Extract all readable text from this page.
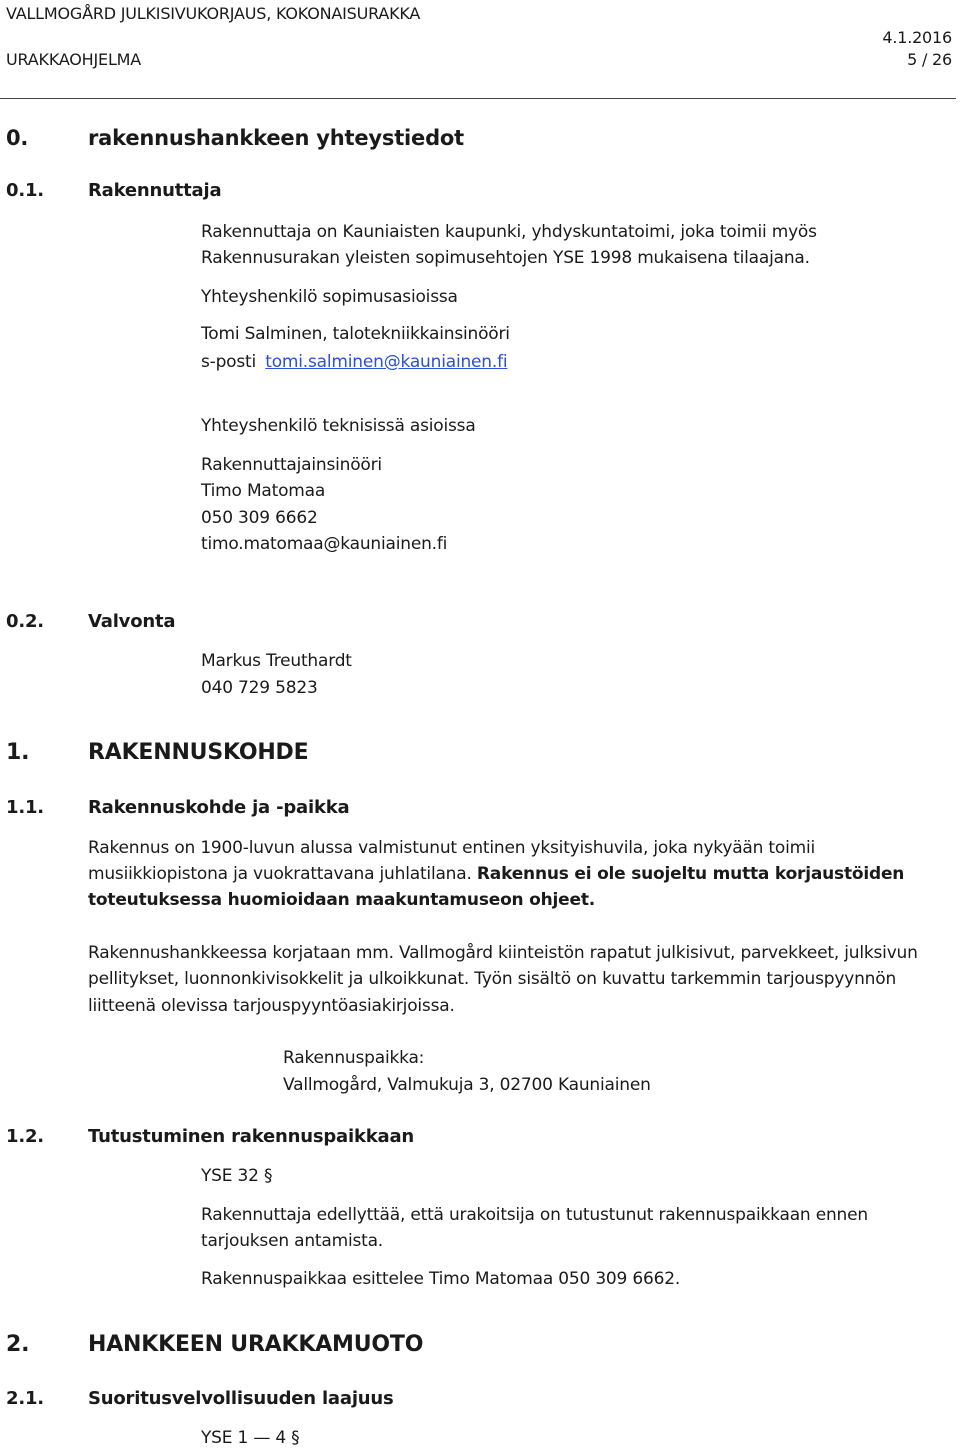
VALLMOGÅRD JULKISIVUKORJAUS, KOKONAISURAKKA
4.1.2016
URAKKAOHJELMA	5 / 26
0.	rakennushankkeen yhteystiedot
0.1. Rakennuttaja
Rakennuttaja on Kauniaisten kaupunki, yhdyskuntatoimi, joka toimii myös
Rakennusurakan yleisten sopimusehtojen YSE 1998 mukaisena tilaajana.
Yhteyshenkilö sopimusasioissa
Tomi Salminen, talotekniikkainsinööri
s-posti tomi.salminen@kauniainen.fi
Yhteyshenkilö teknisissä asioissa
Rakennuttajainsinööri
Timo Matomaa
050 309 6662
timo.matomaa@kauniainen.fi
0.2. Valvonta
Markus Treuthardt
040 729 5823
1.	RAKENNUSKOHDE
1.1. Rakennuskohde ja -paikka
Rakennus on 1900-luvun alussa valmistunut entinen yksityishuvila, joka nykyään toimii
musiikkiopistona ja vuokrattavana juhlatilana. Rakennus ei ole suojeltu mutta korjaustöiden
toteutuksessa huomioidaan maakuntamuseon ohjeet.
Rakennushankkeessa korjataan mm. Vallmogård kiinteistön rapatut julkisivut, parvekkeet, julksivun
pellitykset, luonnonkivisokkelit ja ulkoikkunat. Työn sisältö on kuvattu tarkemmin tarjouspyynnön
liitteenä olevissa tarjouspyyntöasiakirjoissa.
Rakennuspaikka:
Vallmogård, Valmukuja 3, 02700 Kauniainen
1.2. Tutustuminen rakennuspaikkaan
YSE 32 §
Rakennuttaja edellyttää, että urakoitsija on tutustunut rakennuspaikkaan ennen
tarjouksen antamista.
Rakennuspaikkaa esittelee Timo Matomaa 050 309 6662.
2.	HANKKEEN URAKKAMUOTO
2.1. Suoritusvelvollisuuden laajuus
YSE 1 — 4 §
